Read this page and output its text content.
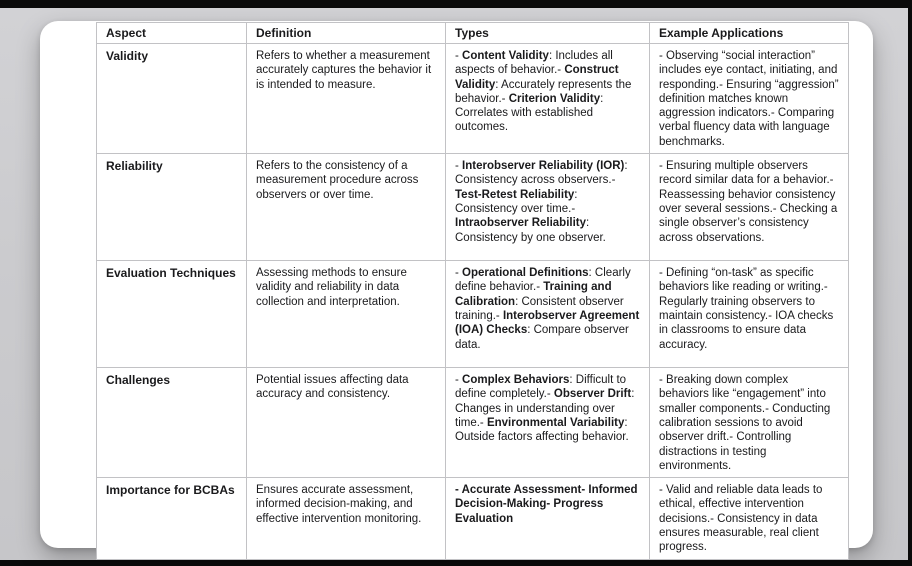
Aspect	Definition	Types	Example Applications
Validity	Refers to whether a measurement accurately captures the behavior it is intended to measure.	- Content Validity: Includes all aspects of behavior.- Construct Validity: Accurately represents the behavior.- Criterion Validity: Correlates with established outcomes.	- Observing “social interaction” includes eye contact, initiating, and responding.- Ensuring “aggression” definition matches known aggression indicators.- Comparing verbal fluency data with language benchmarks.
Reliability	Refers to the consistency of a measurement procedure across observers or over time.	- Interobserver Reliability (IOR): Consistency across observers.- Test-Retest Reliability: Consistency over time.- Intraobserver Reliability: Consistency by one observer.	- Ensuring multiple observers record similar data for a behavior.- Reassessing behavior consistency over several sessions.- Checking a single observer’s consistency across observations.
Evaluation Techniques	Assessing methods to ensure validity and reliability in data collection and interpretation.	- Operational Definitions: Clearly define behavior.- Training and Calibration: Consistent observer training.- Interobserver Agreement (IOA) Checks: Compare observer data.	- Defining “on-task” as specific behaviors like reading or writing.- Regularly training observers to maintain consistency.- IOA checks in classrooms to ensure data accuracy.
Challenges	Potential issues affecting data accuracy and consistency.	- Complex Behaviors: Difficult to define completely.- Observer Drift: Changes in understanding over time.- Environmental Variability: Outside factors affecting behavior.	- Breaking down complex behaviors like “engagement” into smaller components.- Conducting calibration sessions to avoid observer drift.- Controlling distractions in testing environments.
Importance for BCBAs	Ensures accurate assessment, informed decision-making, and effective intervention monitoring.	- Accurate Assessment- Informed Decision-Making- Progress Evaluation	- Valid and reliable data leads to ethical, effective intervention decisions.- Consistency in data ensures measurable, real client progress.
